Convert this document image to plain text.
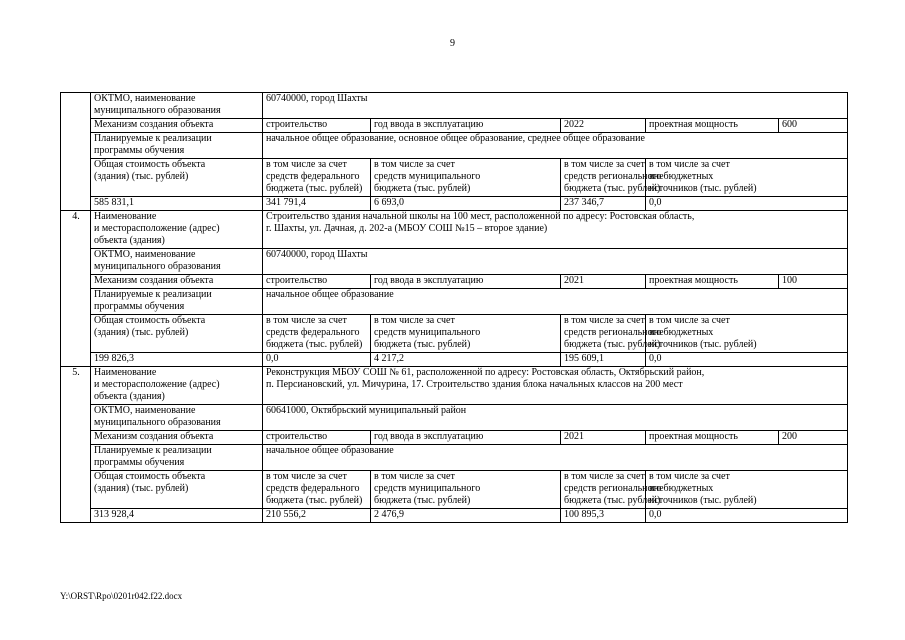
9
	ОКТМО, наименование
муниципального образования	60740000, город Шахты				
	Механизм создания объекта	строительство	год ввода в эксплуатацию	2022	проектная мощность	600
	Планируемые к реализации
программы обучения	начальное общее образование, основное общее образование, среднее общее образование				
	Общая стоимость объекта
(здания) (тыс. рублей)	в том числе за счет
средств федерального
бюджета (тыс. рублей)	в том числе за счет
средств муниципального
бюджета (тыс. рублей)	в том числе за счет
средств регионального
бюджета (тыс. рублей)	в том числе за счет
внебюджетных
источников (тыс. рублей)	
	585 831,1	341 791,4	6 693,0	237 346,7	0,0	
4.	Наименование
и месторасположение (адрес)
объекта (здания)	Строительство здания начальной школы на 100 мест, расположенной по адресу: Ростовская область,
г. Шахты, ул. Дачная, д. 202-а (МБОУ СОШ №15 – второе здание)				
	ОКТМО, наименование
муниципального образования	60740000, город Шахты				
	Механизм создания объекта	строительство	год ввода в эксплуатацию	2021	проектная мощность	100
	Планируемые к реализации
программы обучения	начальное общее образование				
	Общая стоимость объекта
(здания) (тыс. рублей)	в том числе за счет
средств федерального
бюджета (тыс. рублей)	в том числе за счет
средств муниципального
бюджета (тыс. рублей)	в том числе за счет
средств регионального
бюджета (тыс. рублей)	в том числе за счет
внебюджетных
источников (тыс. рублей)	
	199 826,3	0,0	4 217,2	195 609,1	0,0	
5.	Наименование
и месторасположение (адрес)
объекта (здания)	Реконструкция МБОУ СОШ № 61, расположенной по адресу: Ростовская область, Октябрьский район,
п. Персиановский, ул. Мичурина, 17. Строительство здания блока начальных классов на 200 мест				
	ОКТМО, наименование
муниципального образования	60641000, Октябрьский муниципальный район				
	Механизм создания объекта	строительство	год ввода в эксплуатацию	2021	проектная мощность	200
	Планируемые к реализации
программы обучения	начальное общее образование				
	Общая стоимость объекта
(здания) (тыс. рублей)	в том числе за счет
средств федерального
бюджета (тыс. рублей)	в том числе за счет
средств муниципального
бюджета (тыс. рублей)	в том числе за счет
средств регионального
бюджета (тыс. рублей)	в том числе за счет
внебюджетных
источников (тыс. рублей)	
	313 928,4	210 556,2	2 476,9	100 895,3	0,0	
Y:\ORST\Rpo\0201r042.f22.docx
